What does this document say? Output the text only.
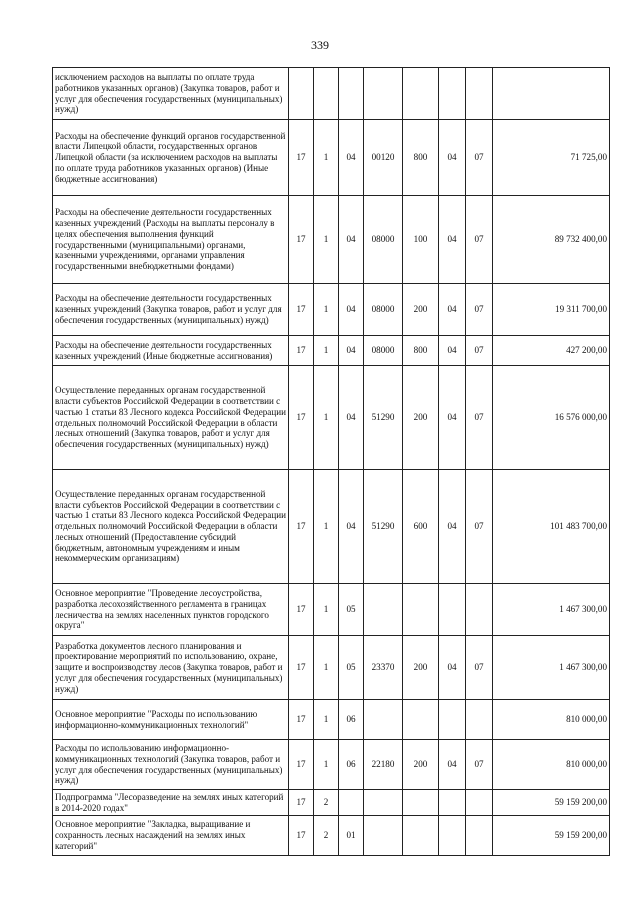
339
исключением расходов на выплаты по оплате труда работников указанных органов) (Закупка товаров, работ и услуг для обеспечения государственных (муниципальных) нужд)								
Расходы на обеспечение функций органов государственной власти Липецкой области, государственных органов Липецкой области (за исключением расходов на выплаты по оплате труда работников указанных органов) (Иные бюджетные ассигнования)	17	1	04	00120	800	04	07	71 725,00
Расходы на обеспечение деятельности государственных казенных учреждений (Расходы на выплаты персоналу в целях обеспечения выполнения функций государственными (муниципальными) органами, казенными учреждениями, органами управления государственными внебюджетными фондами)	17	1	04	08000	100	04	07	89 732 400,00
Расходы на обеспечение деятельности государственных казенных учреждений (Закупка товаров, работ и услуг для обеспечения государственных (муниципальных) нужд)	17	1	04	08000	200	04	07	19 311 700,00
Расходы на обеспечение деятельности государственных казенных учреждений (Иные бюджетные ассигнования)	17	1	04	08000	800	04	07	427 200,00
Осуществление переданных органам государственной власти субъектов Российской Федерации в соответствии с частью 1 статьи 83 Лесного кодекса Российской Федерации отдельных полномочий Российской Федерации в области лесных отношений (Закупка товаров, работ и услуг для обеспечения государственных (муниципальных) нужд)	17	1	04	51290	200	04	07	16 576 000,00
Осуществление переданных органам государственной власти субъектов Российской Федерации в соответствии с частью 1 статьи 83 Лесного кодекса Российской Федерации отдельных полномочий Российской Федерации в области лесных отношений (Предоставление субсидий бюджетным, автономным учреждениям и иным некоммерческим организациям)	17	1	04	51290	600	04	07	101 483 700,00
Основное мероприятие "Проведение лесоустройства, разработка лесохозяйственного регламента в границах лесничества на землях населенных пунктов городского округа"	17	1	05					1 467 300,00
Разработка документов лесного планирования и проектирование мероприятий по использованию, охране, защите и воспроизводству лесов (Закупка товаров, работ и услуг для обеспечения государственных (муниципальных) нужд)	17	1	05	23370	200	04	07	1 467 300,00
Основное мероприятие "Расходы по использованию информационно-коммуникационных технологий"	17	1	06					810 000,00
Расходы по использованию информационно-коммуникационных технологий (Закупка товаров, работ и услуг для обеспечения государственных (муниципальных) нужд)	17	1	06	22180	200	04	07	810 000,00
Подпрограмма "Лесоразведение на землях иных категорий в 2014-2020 годах"	17	2						59 159 200,00
Основное мероприятие "Закладка, выращивание и сохранность лесных насаждений на землях иных категорий"	17	2	01					59 159 200,00
